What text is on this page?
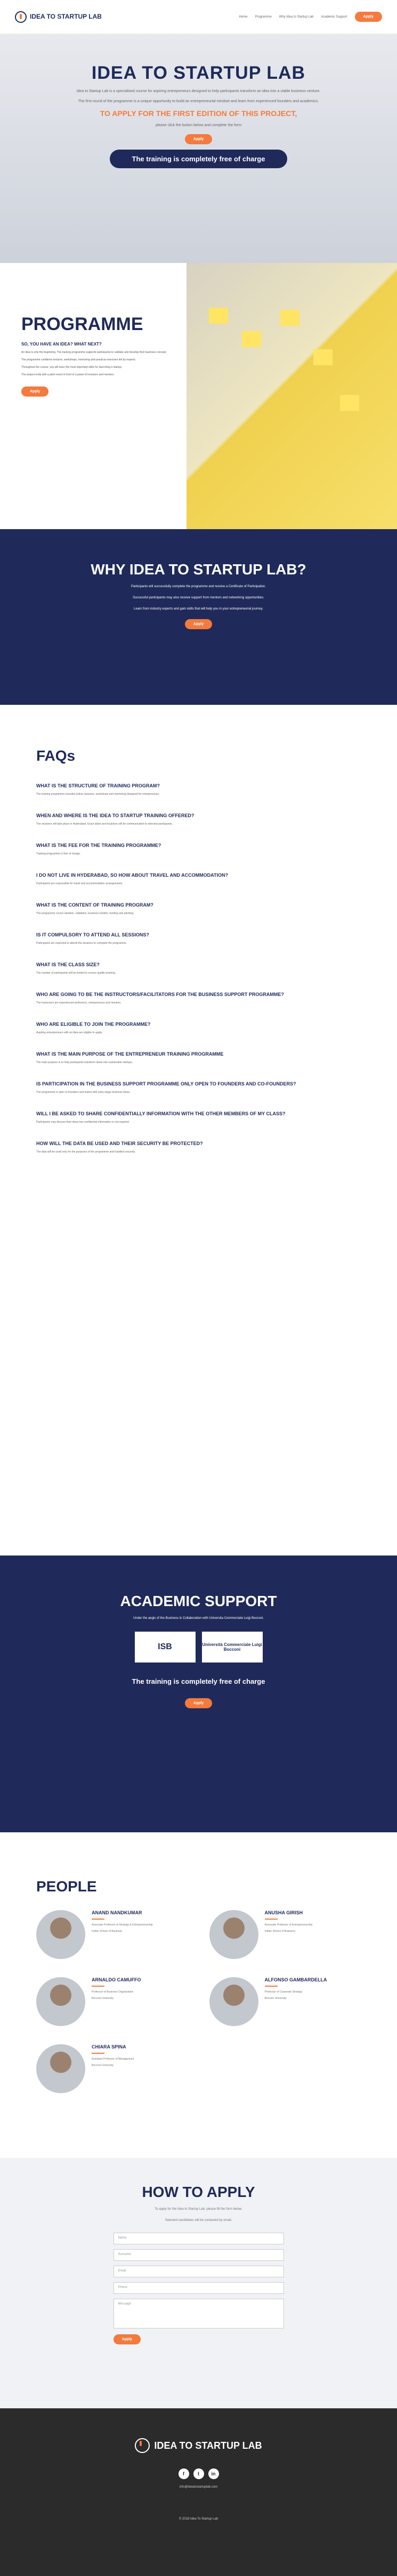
IDEA TO STARTUP LAB	Home Programme Why Idea to Startup Lab Academic Support	Apply
IDEA TO STARTUP LAB

Idea to Startup Lab is a specialised course for aspiring entrepreneurs designed to help participants transform an idea into a viable business venture.

The first round of the programme is a unique opportunity to build an entrepreneurial mindset and learn from experienced founders and academics.

TO APPLY FOR THE FIRST EDITION OF THIS PROJECT,

please click the button below and complete the form

Apply
The training is completely free of charge
PROGRAMME
SO, YOU HAVE AN IDEA? WHAT NEXT?

An idea is only the beginning. The training programme supports participants to validate and develop their business concept.

The programme combines lectures, workshops, mentoring and practical exercises led by experts.

Throughout the course, you will learn the most important skills for launching a startup.

The project ends with a pitch event in front of a panel of investors and mentors.

Apply
WHY IDEA TO STARTUP LAB?

Participants will successfully complete the programme and receive a Certificate of Participation.

Successful participants may also receive support from mentors and networking opportunities.

Learn from industry experts and gain skills that will help you in your entrepreneurial journey.

Apply
FAQs
WHAT IS THE STRUCTURE OF TRAINING PROGRAM?

The training programme includes online sessions, workshops and mentoring designed for entrepreneurs.

WHEN AND WHERE IS THE IDEA TO STARTUP TRAINING OFFERED?

The sessions will take place in Hyderabad. Exact dates and locations will be communicated to selected participants.

WHAT IS THE FEE FOR THE TRAINING PROGRAMME?

Training programme is free of charge.

I DO NOT LIVE IN HYDERABAD, SO HOW ABOUT TRAVEL AND ACCOMMODATION?

Participants are responsible for travel and accommodation arrangements.

WHAT IS THE CONTENT OF TRAINING PROGRAM?

The programme covers ideation, validation, business models, funding and pitching.

IS IT COMPULSORY TO ATTEND ALL SESSIONS?

Participants are expected to attend the sessions to complete the programme.

WHAT IS THE CLASS SIZE?

The number of participants will be limited to ensure quality learning.

WHO ARE GOING TO BE THE INSTRUCTORS/FACILITATORS FOR THE BUSINESS SUPPORT PROGRAMME?

The instructors are experienced professors, entrepreneurs and mentors.

WHO ARE ELIGIBLE TO JOIN THE PROGRAMME?

Aspiring entrepreneurs with an idea are eligible to apply.

WHAT IS THE MAIN PURPOSE OF THE ENTREPRENEUR TRAINING PROGRAMME

The main purpose is to help participants transform ideas into sustainable startups.

IS PARTICIPATION IN THE BUSINESS SUPPORT PROGRAMME ONLY OPEN TO FOUNDERS AND CO-FOUNDERS?

The programme is open to founders and teams with early-stage business ideas.

WILL I BE ASKED TO SHARE CONFIDENTIALLY INFORMATION WITH THE OTHER MEMBERS OF MY CLASS?

Participants may discuss their ideas but confidential information is not required.

HOW WILL THE DATA BE USED AND THEIR SECURITY BE PROTECTED?

The data will be used only for the purposes of the programme and handled securely.

ACADEMIC SUPPORT

Under the aegis of the Business in Collaboration with Universita Commerciale Luigi Bocconi.

ISB	Università Commerciale Luigi Bocconi
The training is completely free of charge
Apply
PEOPLE
ANAND NANDKUMAR

Associate Professor of Strategy & Entrepreneurship

Indian School of Business

ANUSHA GIRISH

Associate Professor of Entrepreneurship

Indian School of Business

ARNALDO CAMUFFO

Professor of Business Organization

Bocconi University

ALFONSO GAMBARDELLA

Professor of Corporate Strategy

Bocconi University

CHIARA SPINA

Assistant Professor of Management

Bocconi University

HOW TO APPLY

To apply for the Idea to Startup Lab, please fill the form below.

Selected candidates will be contacted by email.

Name
Surname
Email
Phone
Message
Apply
IDEA TO STARTUP LAB
f	t	in

info@ideatostartuplab.com

© 2018 Idea To Startup Lab
